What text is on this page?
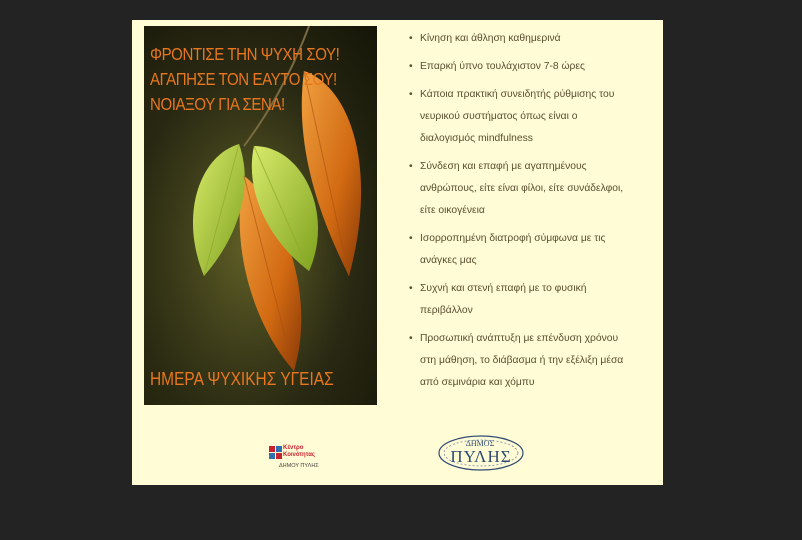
ΦΡΟΝΤΙΣΕ ΤΗΝ ΨΥΧΗ ΣΟΥ!
ΑΓΑΠΗΣΕ ΤΟΝ ΕΑΥΤΟ ΣΟΥ!
ΝΟΙΑΞΟΥ ΓΙΑ ΣΕΝΑ!
ΗΜΕΡΑ ΨΥΧΙΚΗΣ ΥΓΕΙΑΣ
• Κίνηση και άθληση καθημερινά
• Επαρκή ύπνο τουλάχιστον 7-8 ώρες
• Κάποια πρακτική συνειδητής ρύθμισης του νευρικού συστήματος όπως είναι ο διαλογισμός mindfulness
• Σύνδεση και επαφή με αγαπημένους ανθρώπους, είτε είναι φίλοι, είτε συνάδελφοι, είτε οικογένεια
• Ισορροπημένη διατροφή σύμφωνα με τις ανάγκες μας
• Συχνή και στενή επαφή με το φυσική περιβάλλον
• Προσωπική ανάπτυξη με επένδυση χρόνου στη μάθηση, το διάβασμα ή την εξέλιξη μέσα από σεμινάρια και χόμπυ
Κέντρο
Κοινότητας
ΔΗΜΟΥ ΠΥΛΗΣ
ΔΗΜΟΣ
ΠΥΛΗΣ
